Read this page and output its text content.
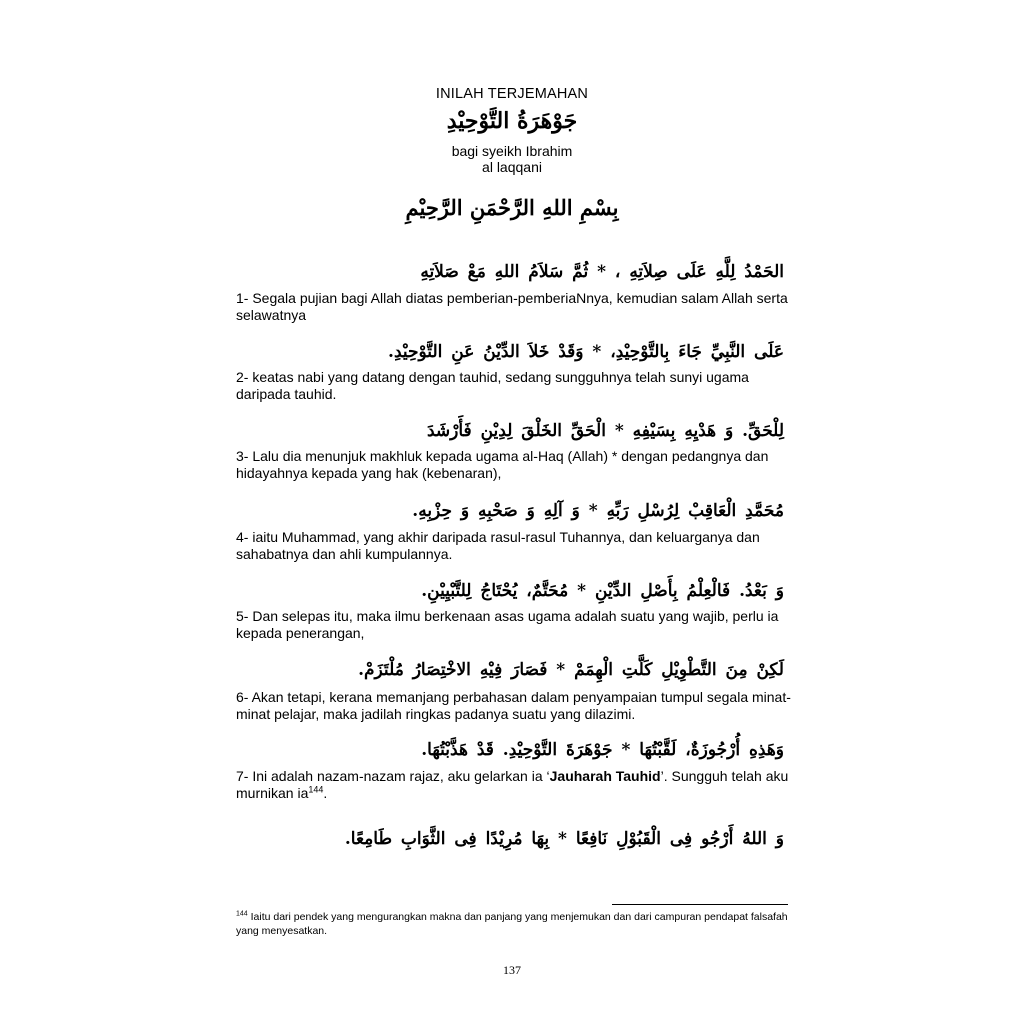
INILAH TERJEMAHAN
جَوْهَرَةُ التَّوْحِيْدِ
bagi syeikh Ibrahim
al laqqani
بِسْمِ اللهِ الرَّحْمَنِ الرَّحِيْمِ
الحَمْدُ لِلَّهِ عَلَى صِلاَتِهِ ، * ثُمَّ سَلاَمُ اللهِ مَعْ صَلاَتِهِ
1- Segala pujian bagi Allah diatas pemberian-pemberiaNnya, kemudian salam Allah serta selawatnya
عَلَى النَّبِيِّ جَاءَ بِالتَّوْحِيْدِ، * وَقَدْ خَلاَ الدِّيْنُ عَنِ التَّوْحِيْدِ.
2- keatas nabi yang datang dengan tauhid, sedang sungguhnya telah sunyi ugama daripada tauhid.
لِلْحَقِّ. وَ هَدْيِهِ بِسَيْفِهِ * الْحَقِّ الخَلْقَ لِدِيْنِ فَأَرْشَدَ
3- Lalu dia menunjuk makhluk kepada ugama al-Haq (Allah) * dengan pedangnya dan hidayahnya kepada yang hak (kebenaran),
مُحَمَّدِ الْعَاقِبْ لِرُسْلِ رَبِّهِ * وَ آلِهِ وَ صَحْبِهِ وَ حِزْبِهِ.
4- iaitu Muhammad, yang akhir daripada rasul-rasul Tuhannya, dan keluarganya dan sahabatnya dan ahli kumpulannya.
وَ بَعْدُ. فَالْعِلْمُ بِأَصْلِ الدِّيْنِ * مُحَتَّمٌ، يُحْتَاجُ لِلتَّبْيِيْنِ.
5- Dan selepas itu, maka ilmu berkenaan asas ugama adalah suatu yang wajib, perlu ia kepada penerangan,
لَكِنْ مِنَ التَّطْوِيْلِ كَلَّتِ الْهِمَمْ * فَصَارَ فِيْهِ الاخْتِصَارُ مُلْتَزَمْ.
6- Akan tetapi, kerana memanjang perbahasan dalam penyampaian tumpul segala minat-minat pelajar, maka jadilah ringkas padanya suatu yang dilazimi.
وَهَذِهِ أُرْجُوزَةٌ، لَقَّبْتُهَا * جَوْهَرَةَ التَّوْحِيْدِ. قَدْ هَذَّبْتُهَا.
7- Ini adalah nazam-nazam rajaz, aku gelarkan ia ‘Jauharah Tauhid’. Sungguh telah aku murnikan $ia^{144}$.
وَ اللهُ أَرْجُو فِى الْقَبُوْلِ نَافِعًا * بِهَا مُرِيْدًا فِى الثَّوَابِ طَامِعًا.
$^{144}$ Iaitu dari pendek yang mengurangkan makna dan panjang yang menjemukan dan dari campuran pendapat falsafah yang menyesatkan.
137
